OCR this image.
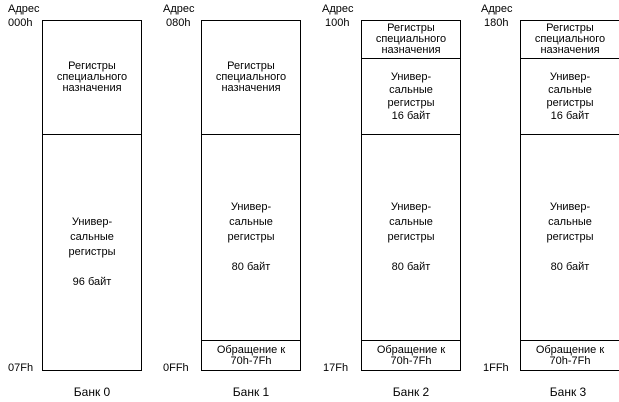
Адрес
000h
07Fh
Регистры
специального
назначения
Универ-
сальные
регистры
96 байт
Банк 0
Адрес
080h
0FFh
Регистры
специального
назначения
Универ-
сальные
регистры
80 байт
Обращение к
70h-7Fh
Банк 1
Адрес
100h
17Fh
Регистры
специального
назначения
Универ-
сальные
регистры
16 байт
Универ-
сальные
регистры
80 байт
Обращение к
70h-7Fh
Банк 2
Адрес
180h
1FFh
Регистры
специального
назначения
Универ-
сальные
регистры
16 байт
Универ-
сальные
регистры
80 байт
Обращение к
70h-7Fh
Банк 3
